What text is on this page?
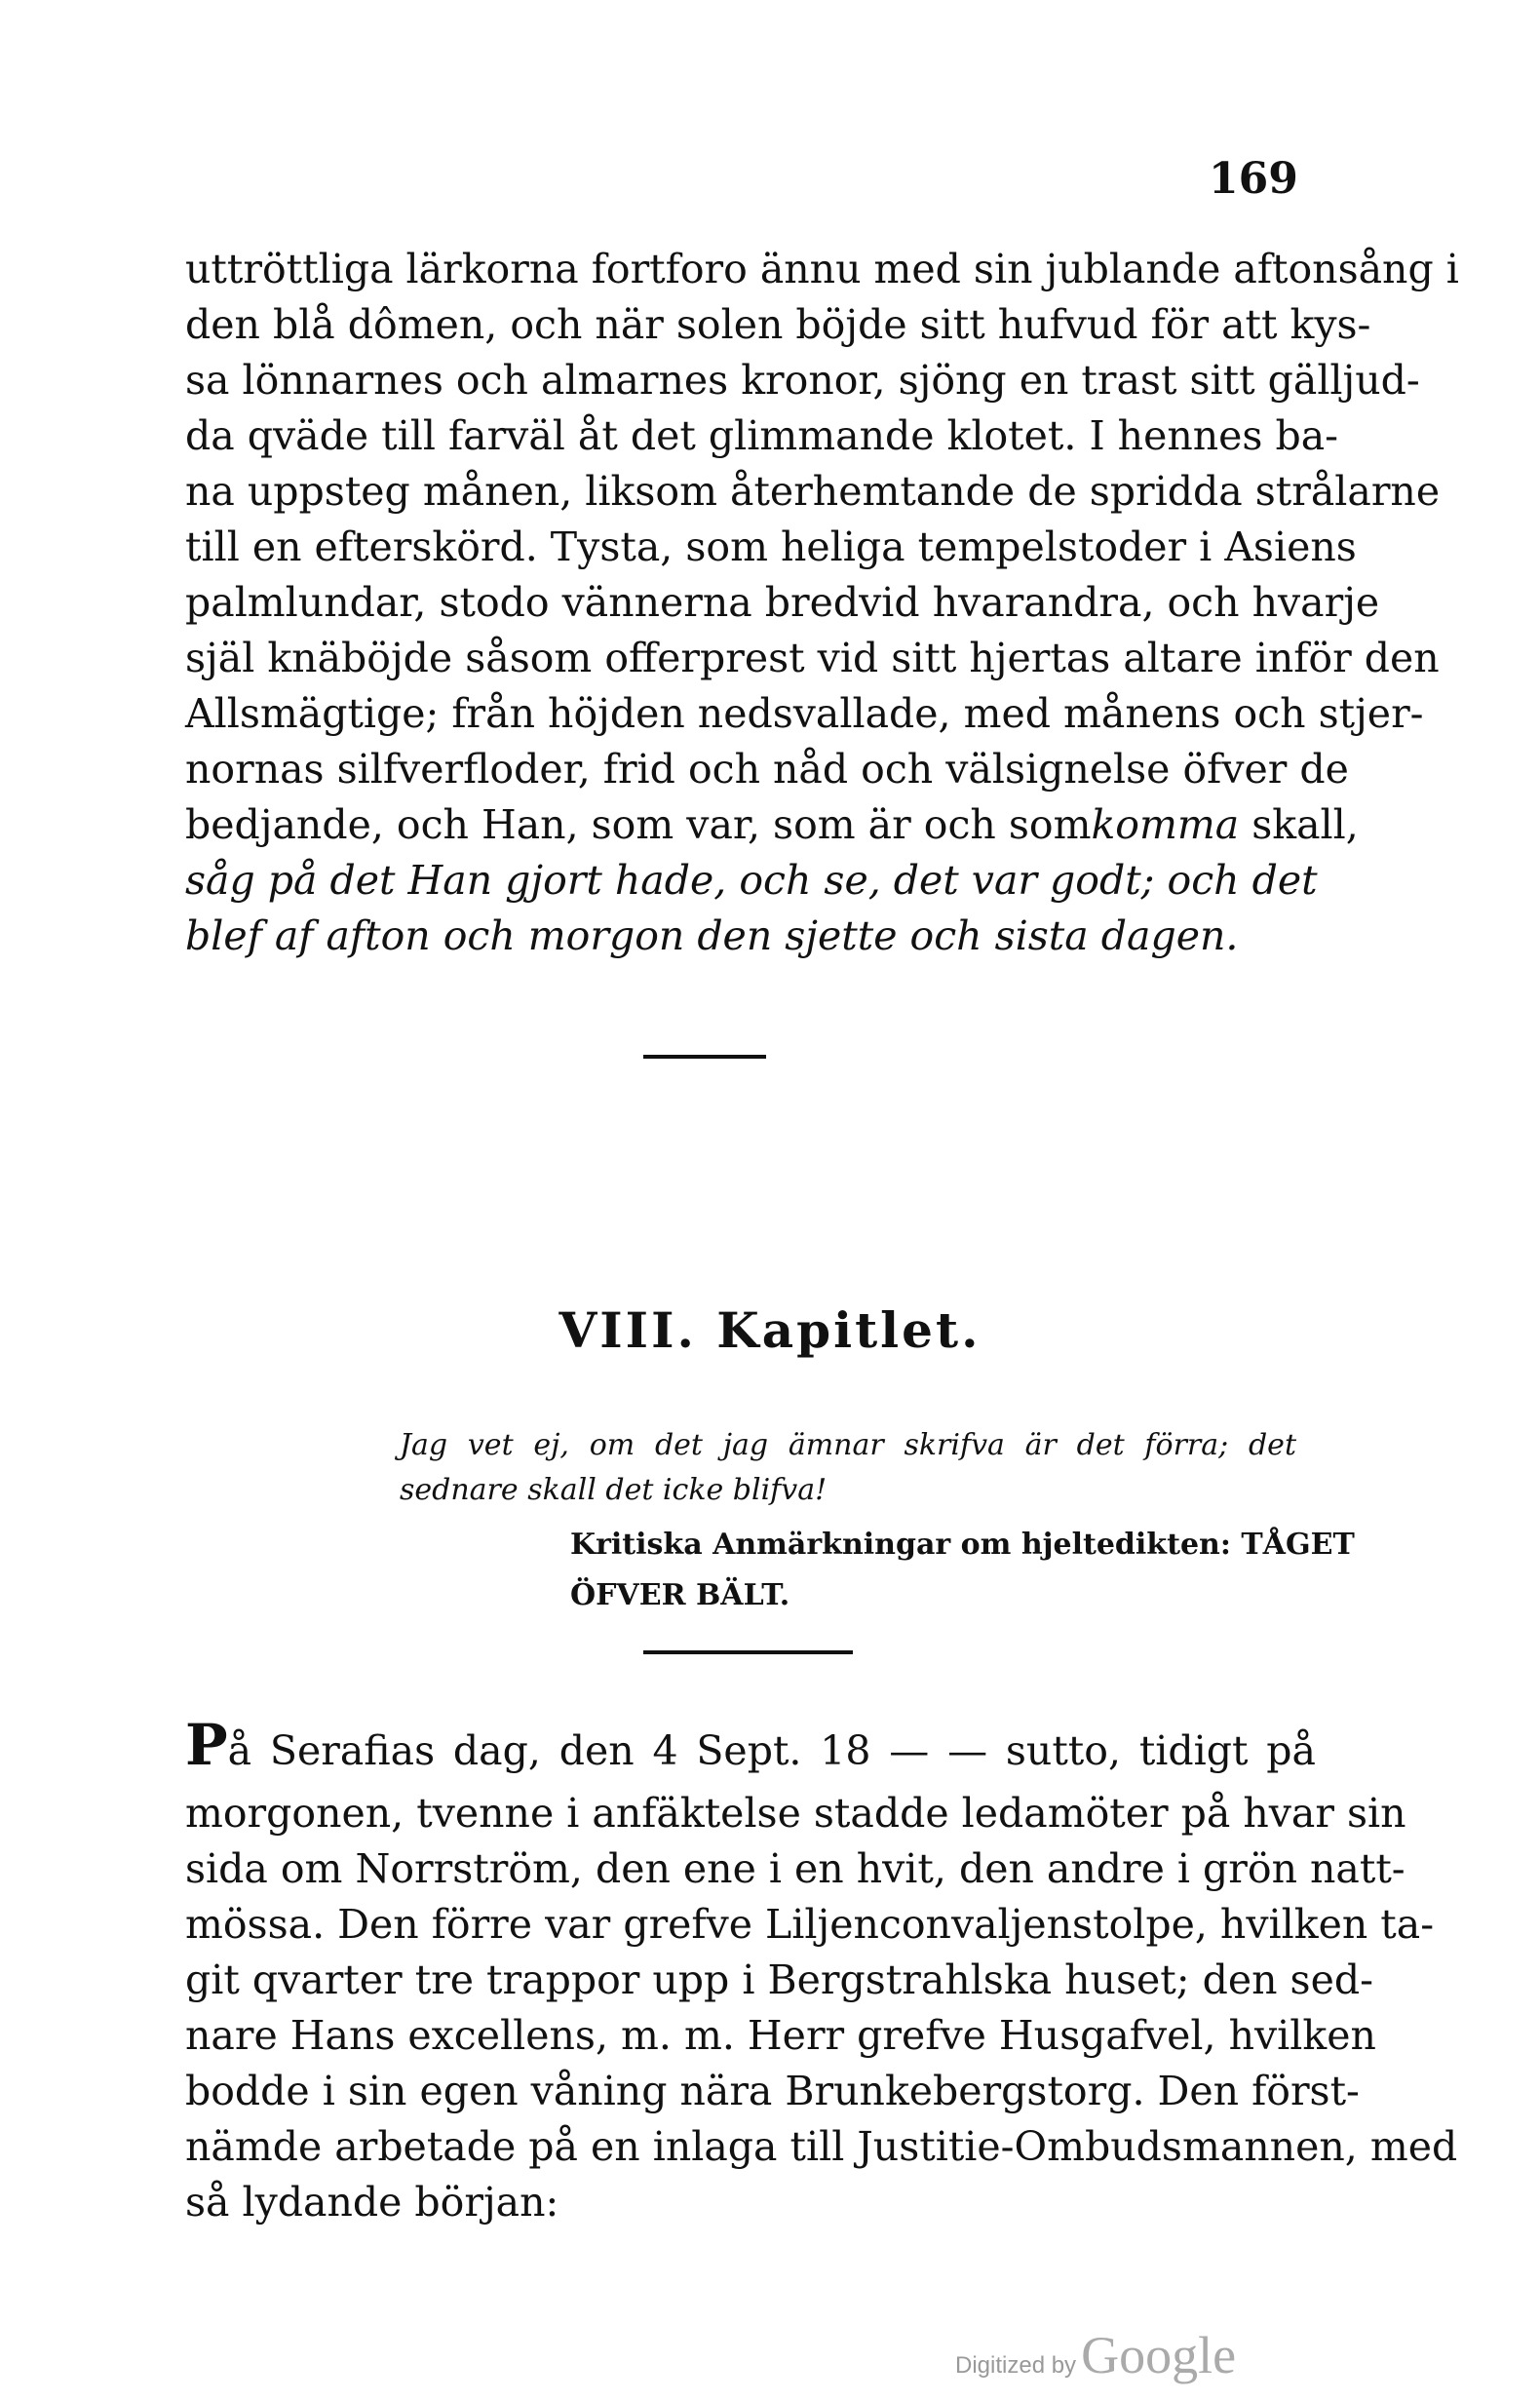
169
uttröttliga lärkorna fortforo ännu med sin jublande aftonsång i
den blå dômen, och när solen böjde sitt hufvud för att kys-
sa lönnarnes och almarnes kronor, sjöng en trast sitt gälljud-
da qväde till farväl åt det glimmande klotet. I hennes ba-
na uppsteg månen, liksom återhemtande de spridda strålarne
till en efterskörd. Tysta, som heliga tempelstoder i Asiens
palmlundar, stodo vännerna bredvid hvarandra, och hvarje
själ knäböjde såsom offerprest vid sitt hjertas altare inför den
Allsmägtige; från höjden nedsvallade, med månens och stjer-
nornas silfverfloder, frid och nåd och välsignelse öfver de
bedjande, och Han, som var, som är och som komma skall,
såg på det Han gjort hade, och se, det var godt; och det
blef af afton och morgon den sjette och sista dagen.
VIII. Kapitlet.
Jag vet ej, om det jag ämnar skrifva är det förra; det
sednare skall det icke blifva!
Kritiska Anmärkningar om hjeltedikten: TÅGET
ÖFVER BÄLT.
P å Serafias dag, den 4 Sept. 18 — — sutto, tidigt på
morgonen, tvenne i anfäktelse stadde ledamöter på hvar sin
sida om Norrström, den ene i en hvit, den andre i grön natt-
mössa. Den förre var grefve Liljenconvaljenstolpe, hvilken ta-
git qvarter tre trappor upp i Bergstrahlska huset; den sed-
nare Hans excellens, m. m. Herr grefve Husgafvel, hvilken
bodde i sin egen våning nära Brunkebergstorg. Den först-
nämde arbetade på en inlaga till Justitie-Ombudsmannen, med
så lydande början:
Digitized by Google
